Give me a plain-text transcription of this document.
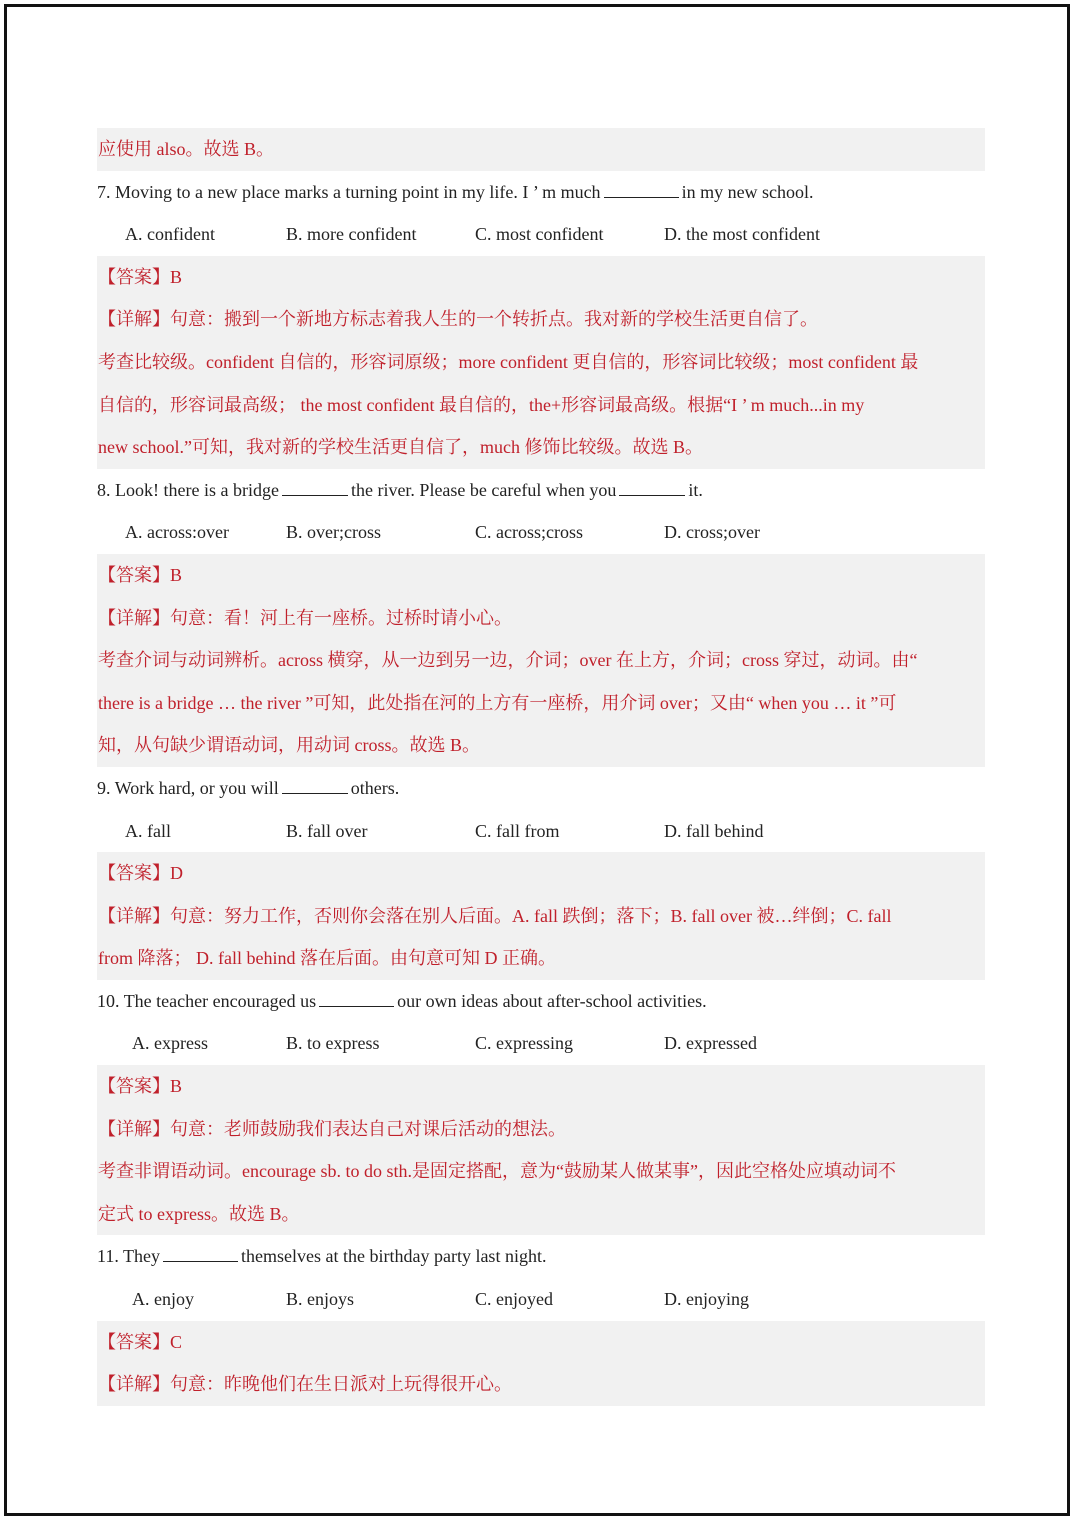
应使用 also。故选 B。
7. Moving to a new place marks a turning point in my life. I ’ m much	in my new school.
A. confident	B. more confident	C. most confident	D. the most confident
【答案】B
【详解】句意：搬到一个新地方标志着我人生的一个转折点。我对新的学校生活更自信了。
考查比较级。confident 自信的，形容词原级；more confident 更自信的，形容词比较级；most confident 最
自信的，形容词最高级； the most confident 最自信的，the+形容词最高级。根据“I ’ m much...in my
new school.”可知，我对新的学校生活更自信了，much 修饰比较级。故选 B。
8. Look! there is a bridge	the river. Please be careful when you	it.
A. across:over	B. over;cross	C. across;cross	D. cross;over
【答案】B
【详解】句意：看！河上有一座桥。过桥时请小心。
考查介词与动词辨析。across 横穿，从一边到另一边，介词；over 在上方，介词；cross 穿过，动词。由“
there is a bridge … the river ”可知，此处指在河的上方有一座桥，用介词 over；又由“ when you … it ”可
知，从句缺少谓语动词，用动词 cross。故选 B。
9. Work hard, or you will	others.
A. fall	B. fall over	C. fall from	D. fall behind
【答案】D
【详解】句意：努力工作，否则你会落在别人后面。A. fall 跌倒；落下；B. fall over 被…绊倒；C. fall
from 降落； D. fall behind 落在后面。由句意可知 D 正确。
10. The teacher encouraged us	our own ideas about after-school activities.
A. express	B. to express	C. expressing	D. expressed
【答案】B
【详解】句意：老师鼓励我们表达自己对课后活动的想法。
考查非谓语动词。encourage sb. to do sth.是固定搭配，意为“鼓励某人做某事”，因此空格处应填动词不
定式 to express。故选 B。
11. They	themselves at the birthday party last night.
A. enjoy	B. enjoys	C. enjoyed	D. enjoying
【答案】C
【详解】句意：昨晚他们在生日派对上玩得很开心。
